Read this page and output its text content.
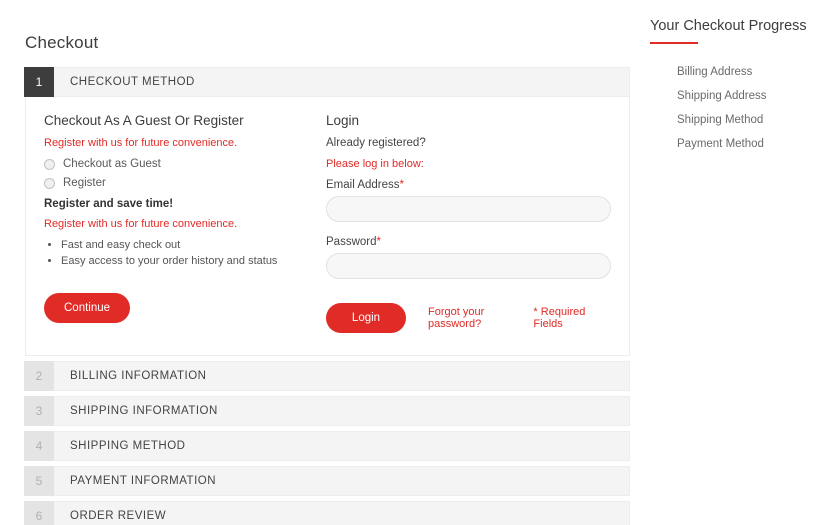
Checkout
1	CHECKOUT METHOD
Checkout As A Guest Or Register

Register with us for future convenience.

Checkout as Guest
Register

Register and save time!

Register with us for future convenience.

• Fast and easy check out
• Easy access to your order history and status
Continue
Login

Already registered?

Please log in below:

Email Address*

Password*

Login	Forgot your password?
* Required Fields
2	BILLING INFORMATION
3	SHIPPING INFORMATION
4	SHIPPING METHOD
5	PAYMENT INFORMATION
6	ORDER REVIEW
Your Checkout Progress
Billing Address
Shipping Address
Shipping Method
Payment Method
